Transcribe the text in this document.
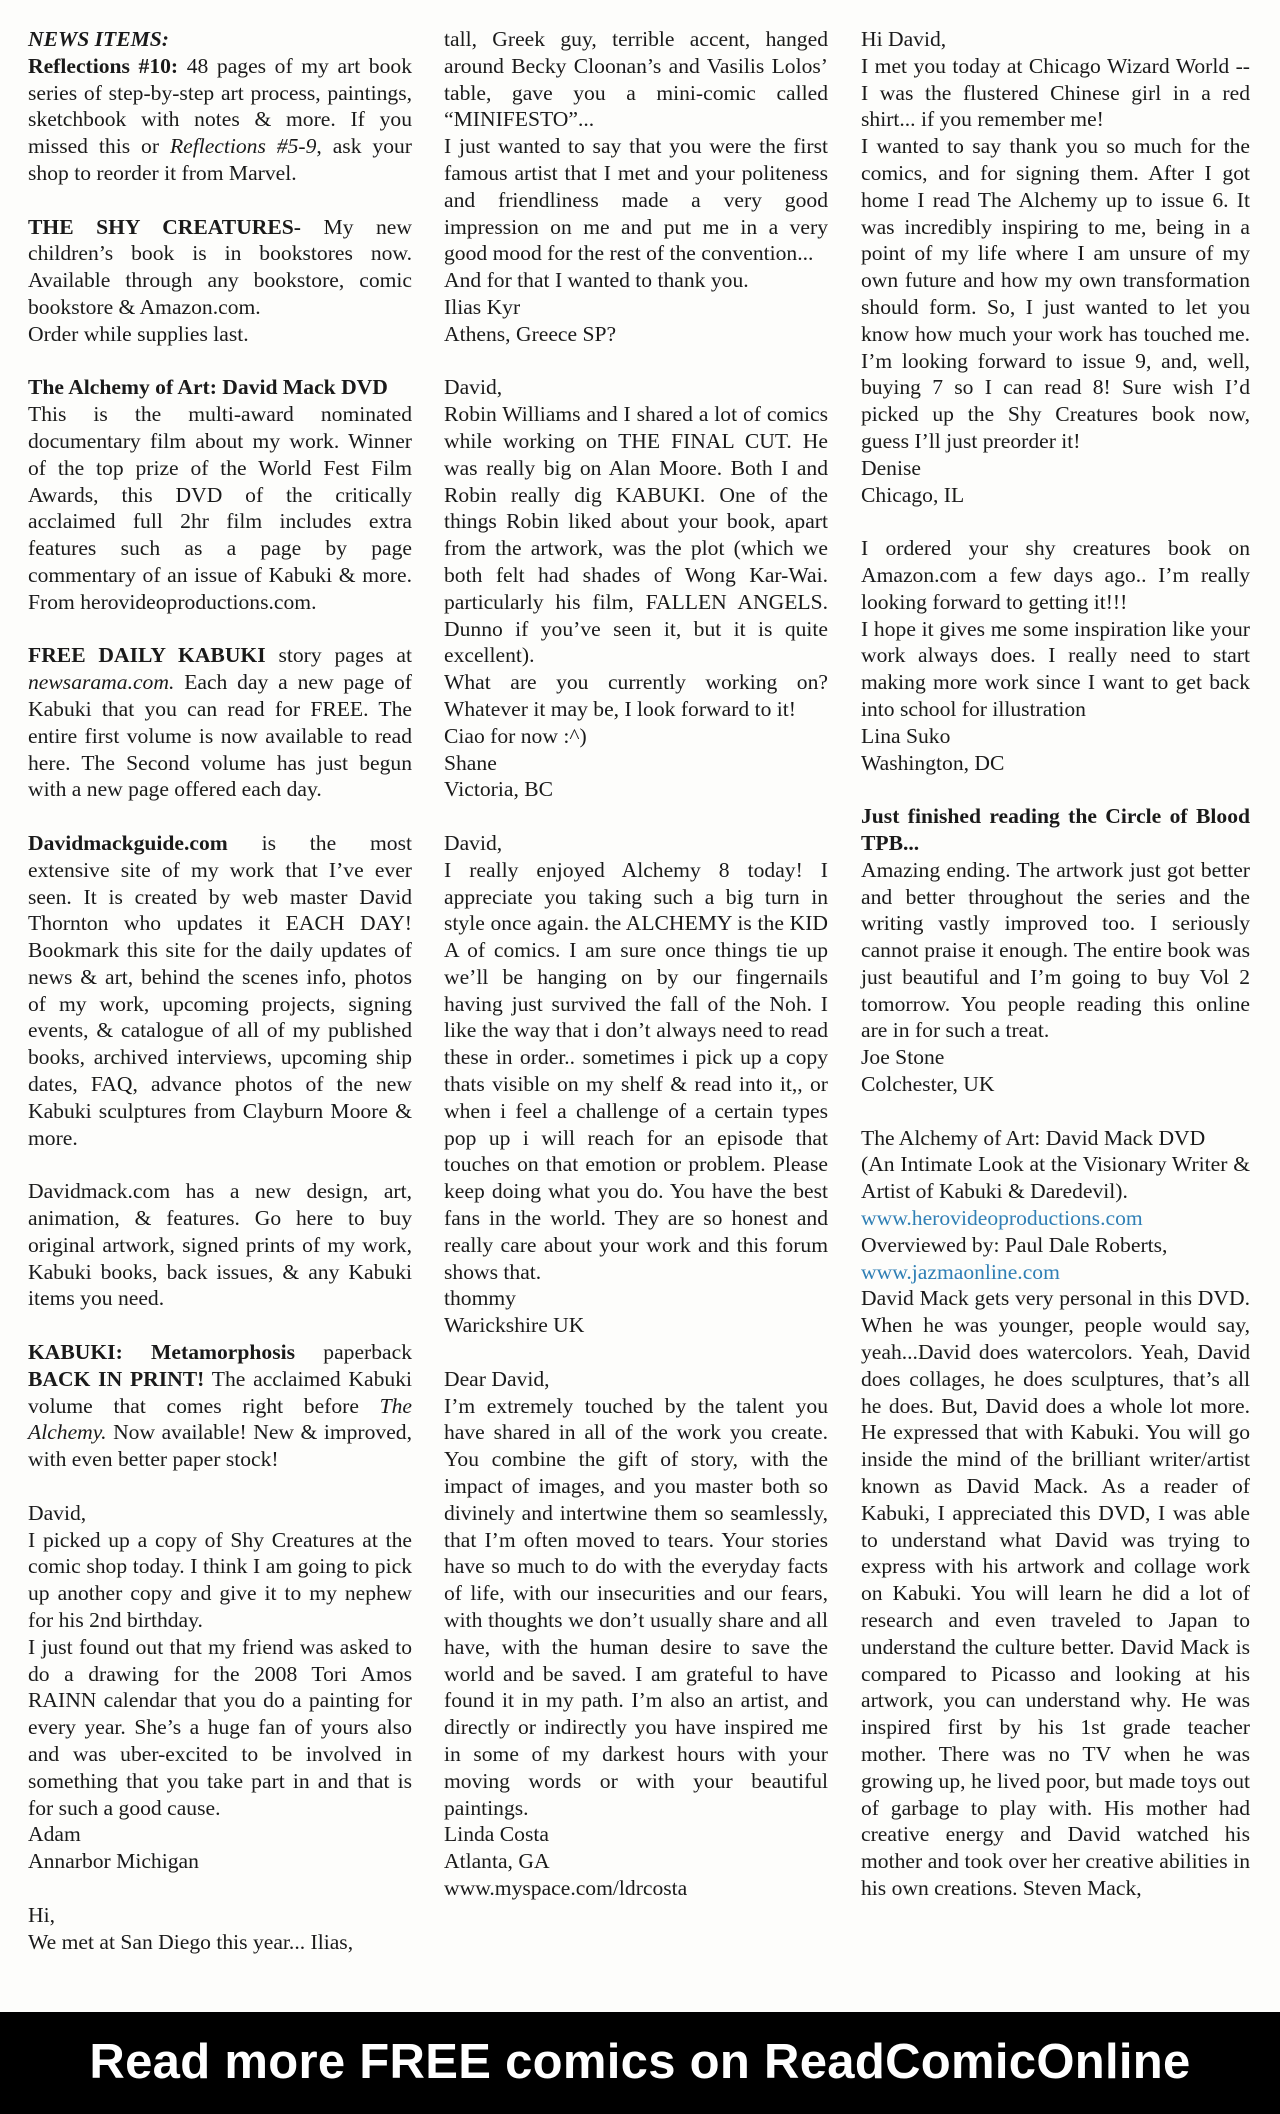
NEWS ITEMS:

Reflections #10: 48 pages of my art book series of step-by-step art process, paintings, sketchbook with notes & more. If you missed this or Reflections #5-9, ask your shop to reorder it from Marvel.

THE SHY CREATURES- My new children’s book is in bookstores now. Available through any bookstore, comic bookstore & Amazon.com.

Order while supplies last.

The Alchemy of Art: David Mack DVD

This is the multi-award nominated documentary film about my work. Winner of the top prize of the World Fest Film Awards, this DVD of the critically acclaimed full 2hr film includes extra features such as a page by page commentary of an issue of Kabuki & more. From herovideoproductions.com.

FREE DAILY KABUKI story pages at newsarama.com. Each day a new page of Kabuki that you can read for FREE. The entire first volume is now available to read here. The Second volume has just begun with a new page offered each day.

Davidmackguide.com is the most extensive site of my work that I’ve ever seen. It is created by web master David Thornton who updates it EACH DAY! Bookmark this site for the daily updates of news & art, behind the scenes info, photos of my work, upcoming projects, signing events, & catalogue of all of my published books, archived interviews, upcoming ship dates, FAQ, advance photos of the new Kabuki sculptures from Clayburn Moore & more.

Davidmack.com has a new design, art, animation, & features. Go here to buy original artwork, signed prints of my work, Kabuki books, back issues, & any Kabuki items you need.

KABUKI: Metamorphosis paperback BACK IN PRINT! The acclaimed Kabuki volume that comes right before The Alchemy. Now available! New & improved, with even better paper stock!

David,

I picked up a copy of Shy Creatures at the comic shop today. I think I am going to pick up another copy and give it to my nephew for his 2nd birthday.

I just found out that my friend was asked to do a drawing for the 2008 Tori Amos RAINN calendar that you do a painting for every year. She’s a huge fan of yours also and was uber-excited to be involved in something that you take part in and that is for such a good cause.

Adam

Annarbor Michigan

Hi,

We met at San Diego this year... Ilias,

tall, Greek guy, terrible accent, hanged around Becky Cloonan’s and Vasilis Lolos’ table, gave you a mini-comic called “MINIFESTO”...

I just wanted to say that you were the first famous artist that I met and your politeness and friendliness made a very good impression on me and put me in a very good mood for the rest of the convention...

And for that I wanted to thank you.

Ilias Kyr

Athens, Greece SP?

David,

Robin Williams and I shared a lot of comics while working on THE FINAL CUT. He was really big on Alan Moore. Both I and Robin really dig KABUKI. One of the things Robin liked about your book, apart from the artwork, was the plot (which we both felt had shades of Wong Kar-Wai. particularly his film, FALLEN ANGELS. Dunno if you’ve seen it, but it is quite excellent).

What are you currently working on? Whatever it may be, I look forward to it!

Ciao for now :^)

Shane

Victoria, BC

David,

I really enjoyed Alchemy 8 today! I appreciate you taking such a big turn in style once again. the ALCHEMY is the KID A of comics. I am sure once things tie up we’ll be hanging on by our fingernails having just survived the fall of the Noh. I like the way that i don’t always need to read these in order.. sometimes i pick up a copy thats visible on my shelf & read into it,, or when i feel a challenge of a certain types pop up i will reach for an episode that touches on that emotion or problem. Please keep doing what you do. You have the best fans in the world. They are so honest and really care about your work and this forum shows that.

thommy

Warickshire UK

Dear David,

I’m extremely touched by the talent you have shared in all of the work you create. You combine the gift of story, with the impact of images, and you master both so divinely and intertwine them so seamlessly, that I’m often moved to tears. Your stories have so much to do with the everyday facts of life, with our insecurities and our fears, with thoughts we don’t usually share and all have, with the human desire to save the world and be saved. I am grateful to have found it in my path. I’m also an artist, and directly or indirectly you have inspired me in some of my darkest hours with your moving words or with your beautiful paintings.

Linda Costa

Atlanta, GA

www.myspace.com/ldrcosta

Hi David,

I met you today at Chicago Wizard World -- I was the flustered Chinese girl in a red shirt... if you remember me!

I wanted to say thank you so much for the comics, and for signing them. After I got home I read The Alchemy up to issue 6. It was incredibly inspiring to me, being in a point of my life where I am unsure of my own future and how my own transformation should form. So, I just wanted to let you know how much your work has touched me. I’m looking forward to issue 9, and, well, buying 7 so I can read 8! Sure wish I’d picked up the Shy Creatures book now, guess I’ll just preorder it!

Denise

Chicago, IL

I ordered your shy creatures book on Amazon.com a few days ago.. I’m really looking forward to getting it!!!

I hope it gives me some inspiration like your work always does. I really need to start making more work since I want to get back into school for illustration

Lina Suko

Washington, DC

Just finished reading the Circle of Blood TPB...

Amazing ending. The artwork just got better and better throughout the series and the writing vastly improved too. I seriously cannot praise it enough. The entire book was just beautiful and I’m going to buy Vol 2 tomorrow. You people reading this online are in for such a treat.

Joe Stone

Colchester, UK

The Alchemy of Art: David Mack DVD

(An Intimate Look at the Visionary Writer & Artist of Kabuki & Daredevil).

www.herovideoproductions.com

Overviewed by: Paul Dale Roberts,

www.jazmaonline.com

David Mack gets very personal in this DVD. When he was younger, people would say, yeah...David does watercolors. Yeah, David does collages, he does sculptures, that’s all he does. But, David does a whole lot more. He expressed that with Kabuki. You will go inside the mind of the brilliant writer/artist known as David Mack. As a reader of Kabuki, I appreciated this DVD, I was able to understand what David was trying to express with his artwork and collage work on Kabuki. You will learn he did a lot of research and even traveled to Japan to understand the culture better. David Mack is compared to Picasso and looking at his artwork, you can understand why. He was inspired first by his 1st grade teacher mother. There was no TV when he was growing up, he lived poor, but made toys out of garbage to play with. His mother had creative energy and David watched his mother and took over her creative abilities in his own creations. Steven Mack,

Read more FREE comics on ReadComicOnline
